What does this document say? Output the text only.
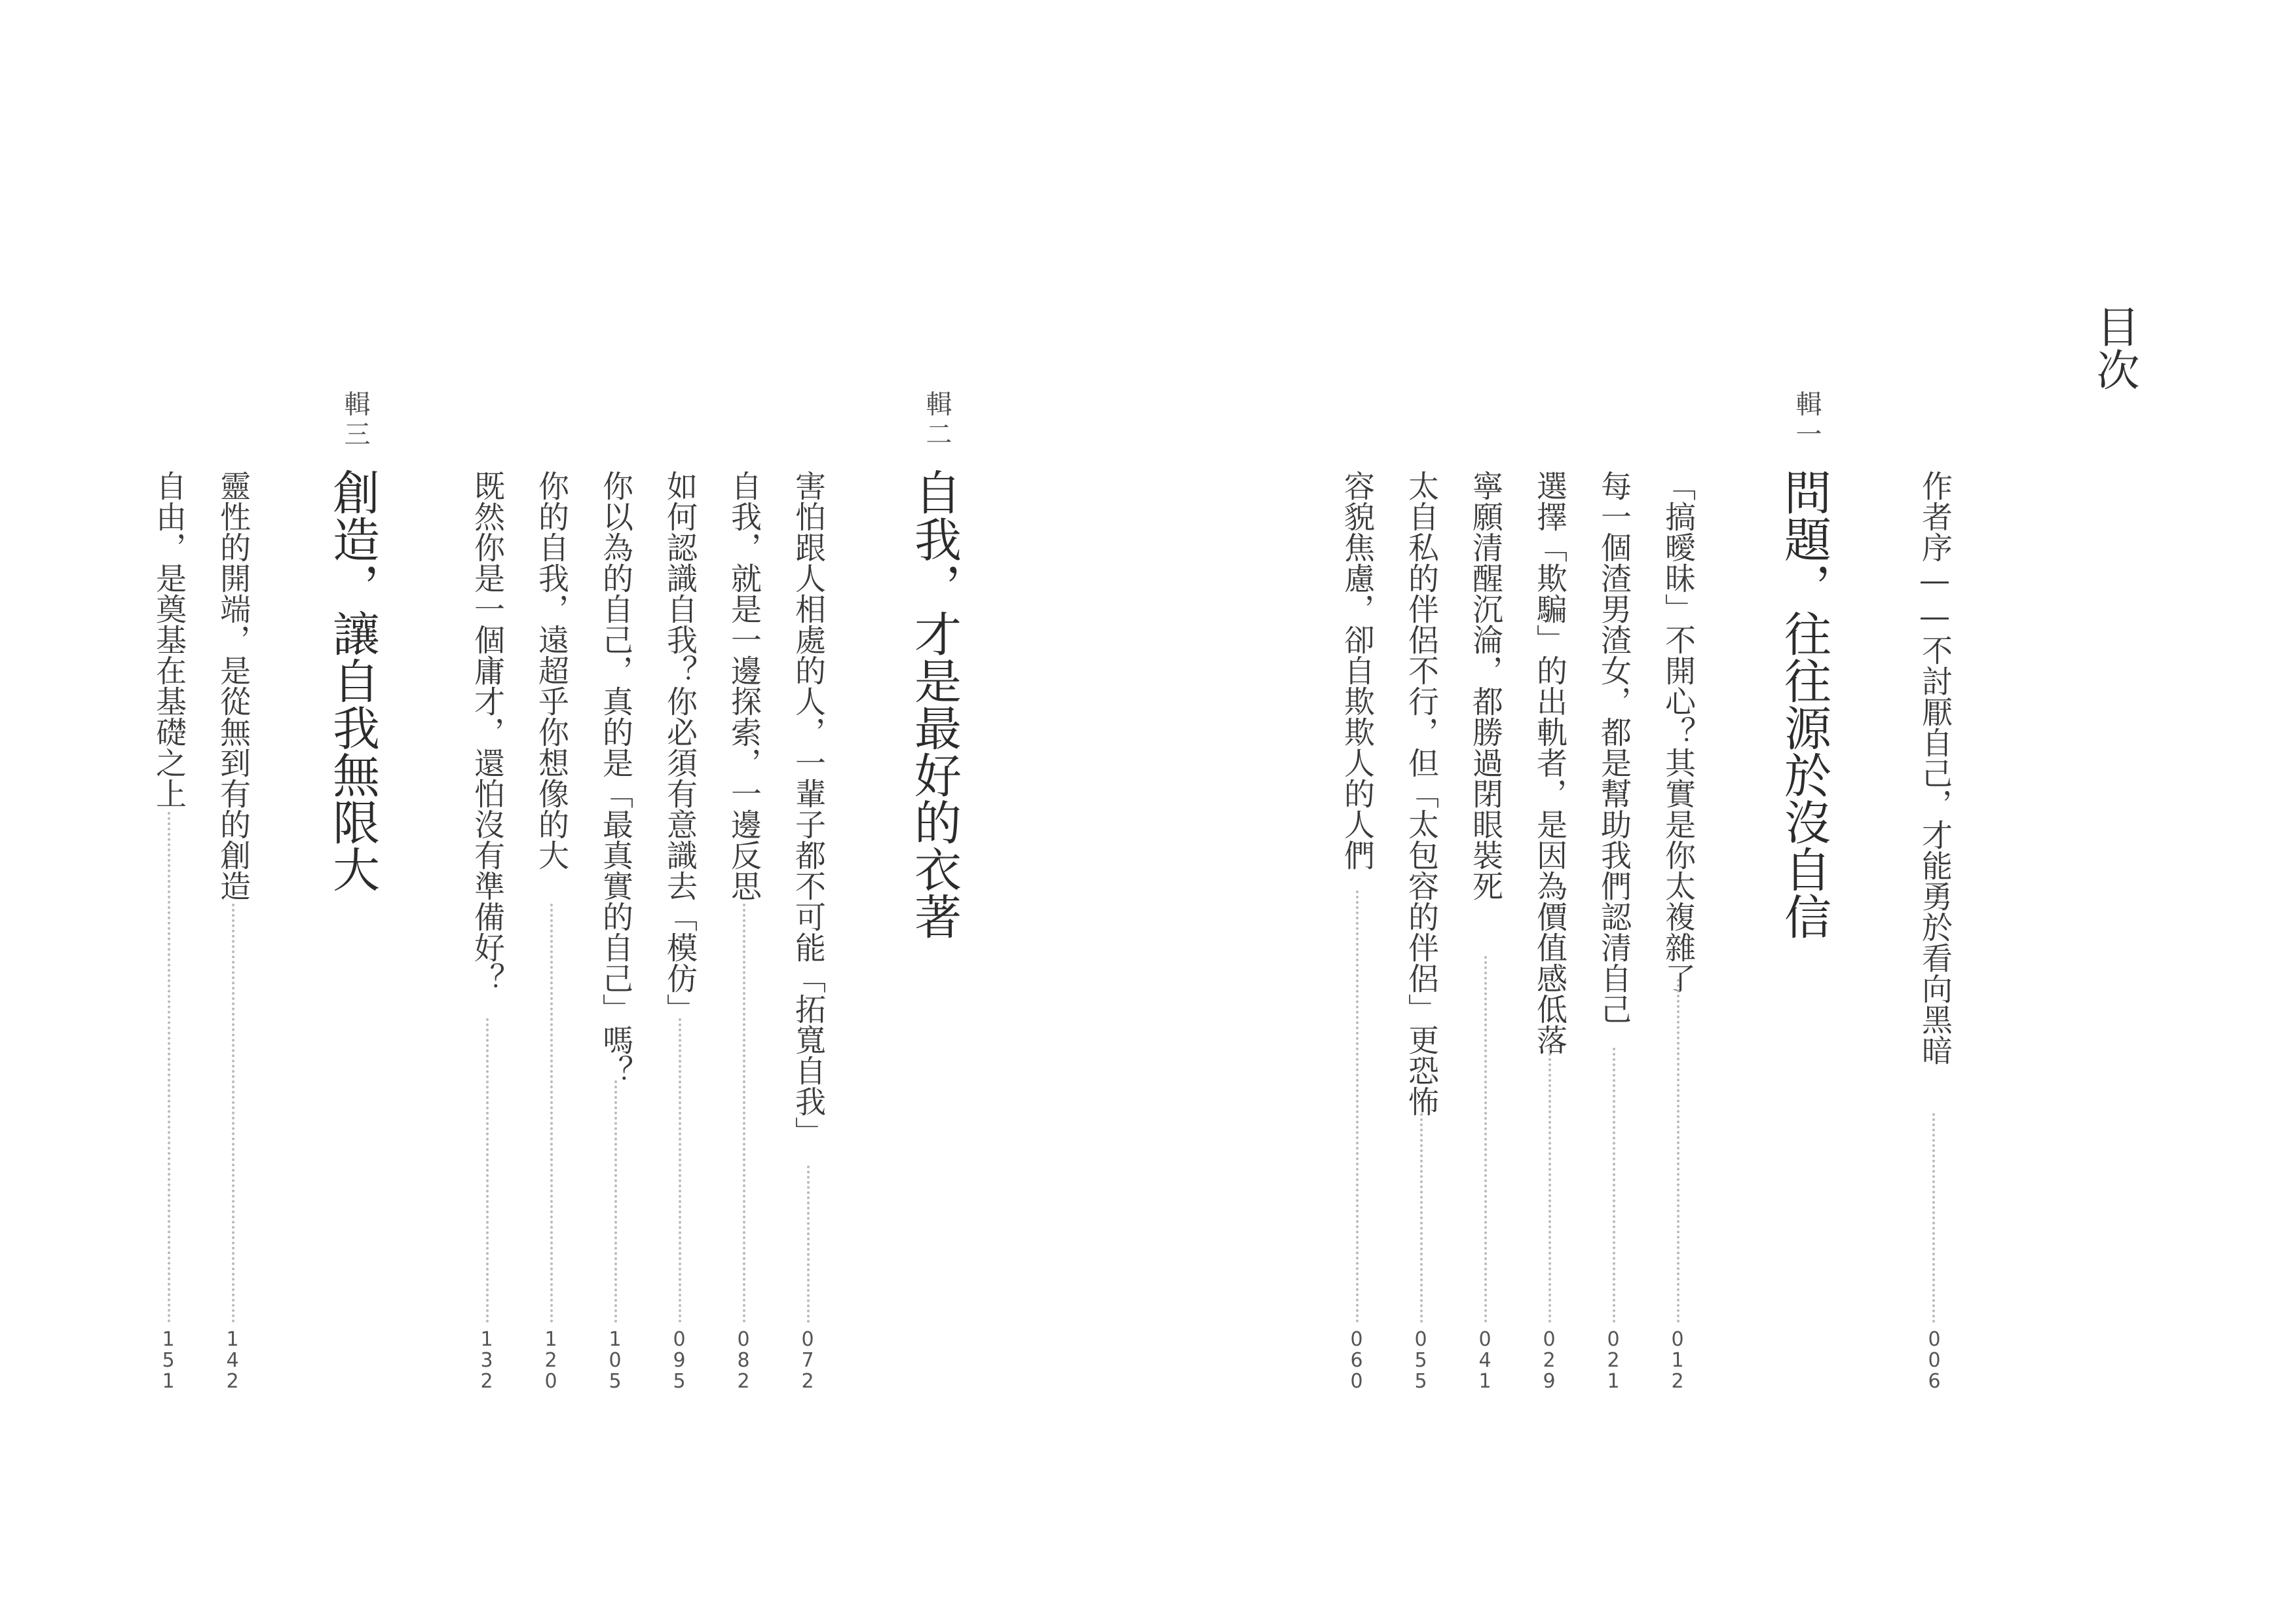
目次
作者序——不討厭自己，才能勇於看向黑暗
0
0
6
輯一
問題，往往源於沒自信
「搞曖昧」不開心？其實是你太複雜了
0
1
2
每一個渣男渣女，都是幫助我們認清自己
0
2
1
選擇「欺騙」的出軌者，是因為價值感低落
0
2
9
寧願清醒沉淪，都勝過閉眼裝死
0
4
1
太自私的伴侶不行，但「太包容的伴侶」更恐怖
0
5
5
容貌焦慮，卻自欺欺人的人們
0
6
0
輯二
自我，才是最好的衣著
害怕跟人相處的人，一輩子都不可能「拓寬自我」
0
7
2
自我，就是一邊探索，一邊反思
0
8
2
如何認識自我？你必須有意識去「模仿」
0
9
5
你以為的自己，真的是「最真實的自己」嗎？
1
0
5
你的自我，遠超乎你想像的大
1
2
0
既然你是一個庸才，還怕沒有準備好？
1
3
2
輯三
創造，讓自我無限大
靈性的開端，是從無到有的創造
1
4
2
自由，是奠基在基礎之上
1
5
1
